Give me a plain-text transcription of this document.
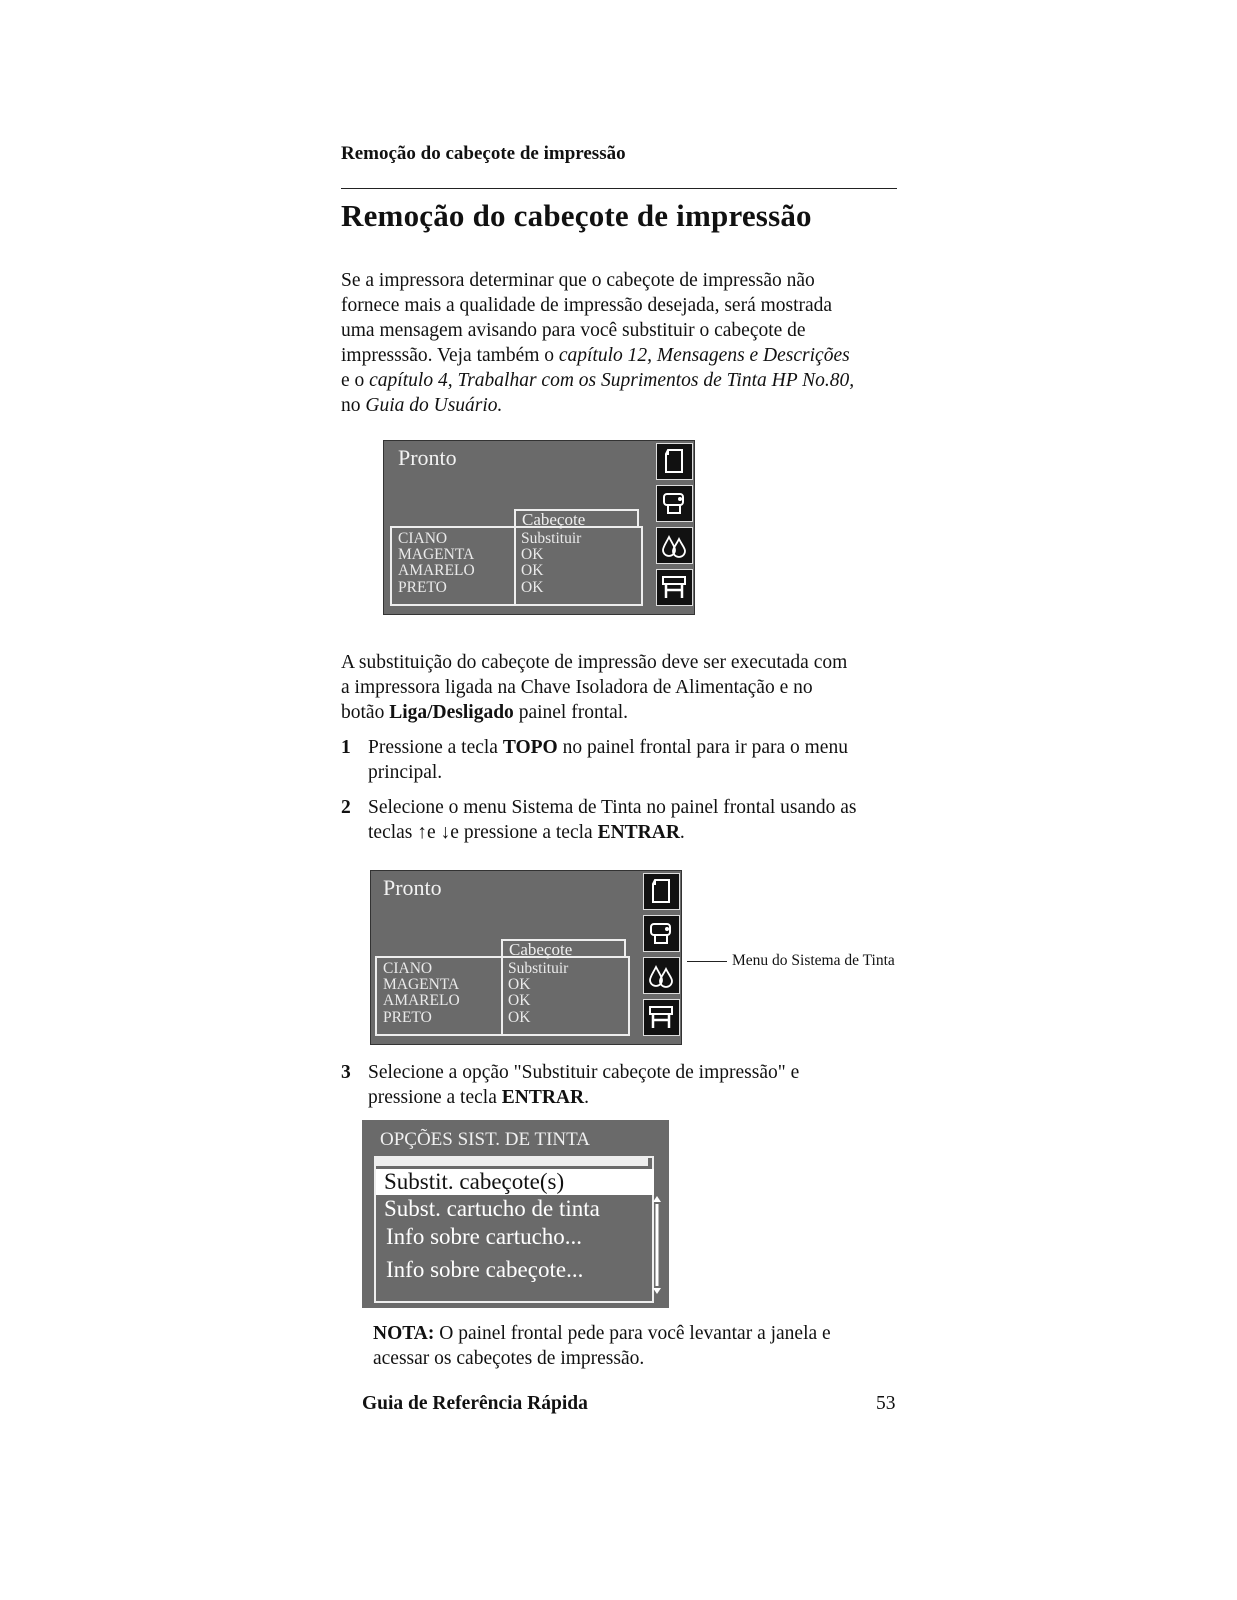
Remoção do cabeçote de impressão
Remoção do cabeçote de impressão
Se a impressora determinar que o cabeçote de impressão não
fornece mais a qualidade de impressão desejada, será mostrada
uma mensagem avisando para você substituir o cabeçote de
impresssão. Veja também o capítulo 12, Mensagens e Descrições
e o capítulo 4, Trabalhar com os Suprimentos de Tinta HP No.80,
no Guia do Usuário.
Pronto
Cabeçote
CIANO
MAGENTA
AMARELO
PRETO
Substituir
OK
OK
OK
A substituição do cabeçote de impressão deve ser executada com
a impressora ligada na Chave Isoladora de Alimentação e no
botão Liga/Desligado painel frontal.
1 Pressione a tecla TOPO no painel frontal para ir para o menu
principal.
2 Selecione o menu Sistema de Tinta no painel frontal usando as
teclas ↑e ↓e pressione a tecla ENTRAR.
Pronto
Cabeçote
CIANO
MAGENTA
AMARELO
PRETO
Substituir
OK
OK
OK
Menu do Sistema de Tinta
3 Selecione a opção "Substituir cabeçote de impressão" e
pressione a tecla ENTRAR.
OPÇÕES SIST. DE TINTA
Substit. cabeçote(s)
Subst. cartucho de tinta
Info sobre cartucho...
Info sobre cabeçote...
NOTA: O painel frontal pede para você levantar a janela e
acessar os cabeçotes de impressão.
Guia de Referência Rápida	53
